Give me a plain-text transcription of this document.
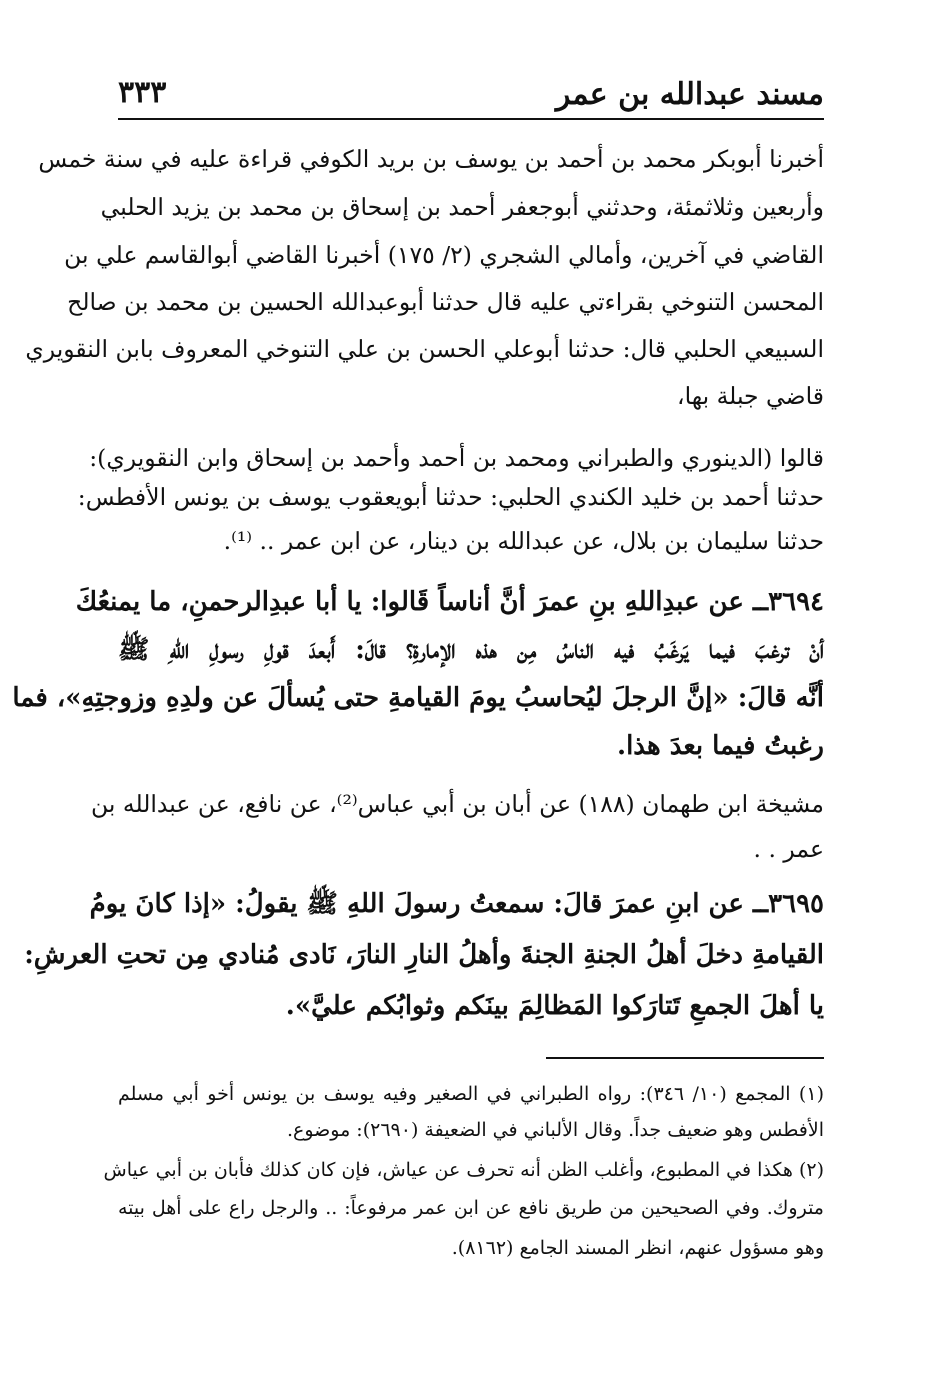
مسند عبدالله بن عمر
٣٣٣
أخبرنا أبوبكر محمد بن أحمد بن يوسف بن بريد الكوفي قراءة عليه في سنة خمس
وأربعين وثلاثمئة، وحدثني أبوجعفر أحمد بن إسحاق بن محمد بن يزيد الحلبي
القاضي في آخرين، وأمالي الشجري (٢/ ١٧٥) أخبرنا القاضي أبوالقاسم علي بن
المحسن التنوخي بقراءتي عليه قال حدثنا أبوعبدالله الحسين بن محمد بن صالح
السبيعي الحلبي قال: حدثنا أبوعلي الحسن بن علي التنوخي المعروف بابن النقويري
قاضي جبلة بها،
قالوا (الدينوري والطبراني ومحمد بن أحمد وأحمد بن إسحاق وابن النقويري):
حدثنا أحمد بن خليد الكندي الحلبي: حدثنا أبويعقوب يوسف بن يونس الأفطس:
حدثنا سليمان بن بلال، عن عبدالله بن دينار، عن ابن عمر .. ⁽¹⁾.
٣٦٩٤ــ عن عبدِاللهِ بنِ عمرَ أنَّ أناساً قَالوا: يا أبا عبدِالرحمنِ، ما يمنعُكَ
أنْ ترغبَ فيما يَرغَبُ فيه الناسُ مِن هذه الإمارةِ؟ قالَ: أَبعدَ قولِ رسولِ اللهِ ﷺ
أنَّه قالَ: «إنَّ الرجلَ ليُحاسبُ يومَ القيامةِ حتى يُسألَ عن ولدِهِ وزوجتِهِ»، فما
رغبتُ فيما بعدَ هذا.
مشيخة ابن طهمان (١٨٨) عن أبان بن أبي عباس⁽²⁾، عن نافع، عن عبدالله بن
عمر . .
٣٦٩٥ــ عن ابنِ عمرَ قالَ: سمعتُ رسولَ اللهِ ﷺ يقولُ: «إذا كانَ يومُ
القيامةِ دخلَ أهلُ الجنةِ الجنةَ وأهلُ النارِ النارَ، نَادى مُنادي مِن تحتِ العرشِ:
يا أهلَ الجمعِ تَتارَكوا المَظالِمَ بينَكم وثوابُكم عليَّ».
(١) المجمع (١٠/ ٣٤٦): رواه الطبراني في الصغير وفيه يوسف بن يونس أخو أبي مسلم
الأفطس وهو ضعيف جداً. وقال الألباني في الضعيفة (٢٦٩٠): موضوع.
(٢) هكذا في المطبوع، وأغلب الظن أنه تحرف عن عياش، فإن كان كذلك فأبان بن أبي عياش
متروك. وفي الصحيحين من طريق نافع عن ابن عمر مرفوعاً: .. والرجل راع على أهل بيته
وهو مسؤول عنهم، انظر المسند الجامع (٨١٦٢).
